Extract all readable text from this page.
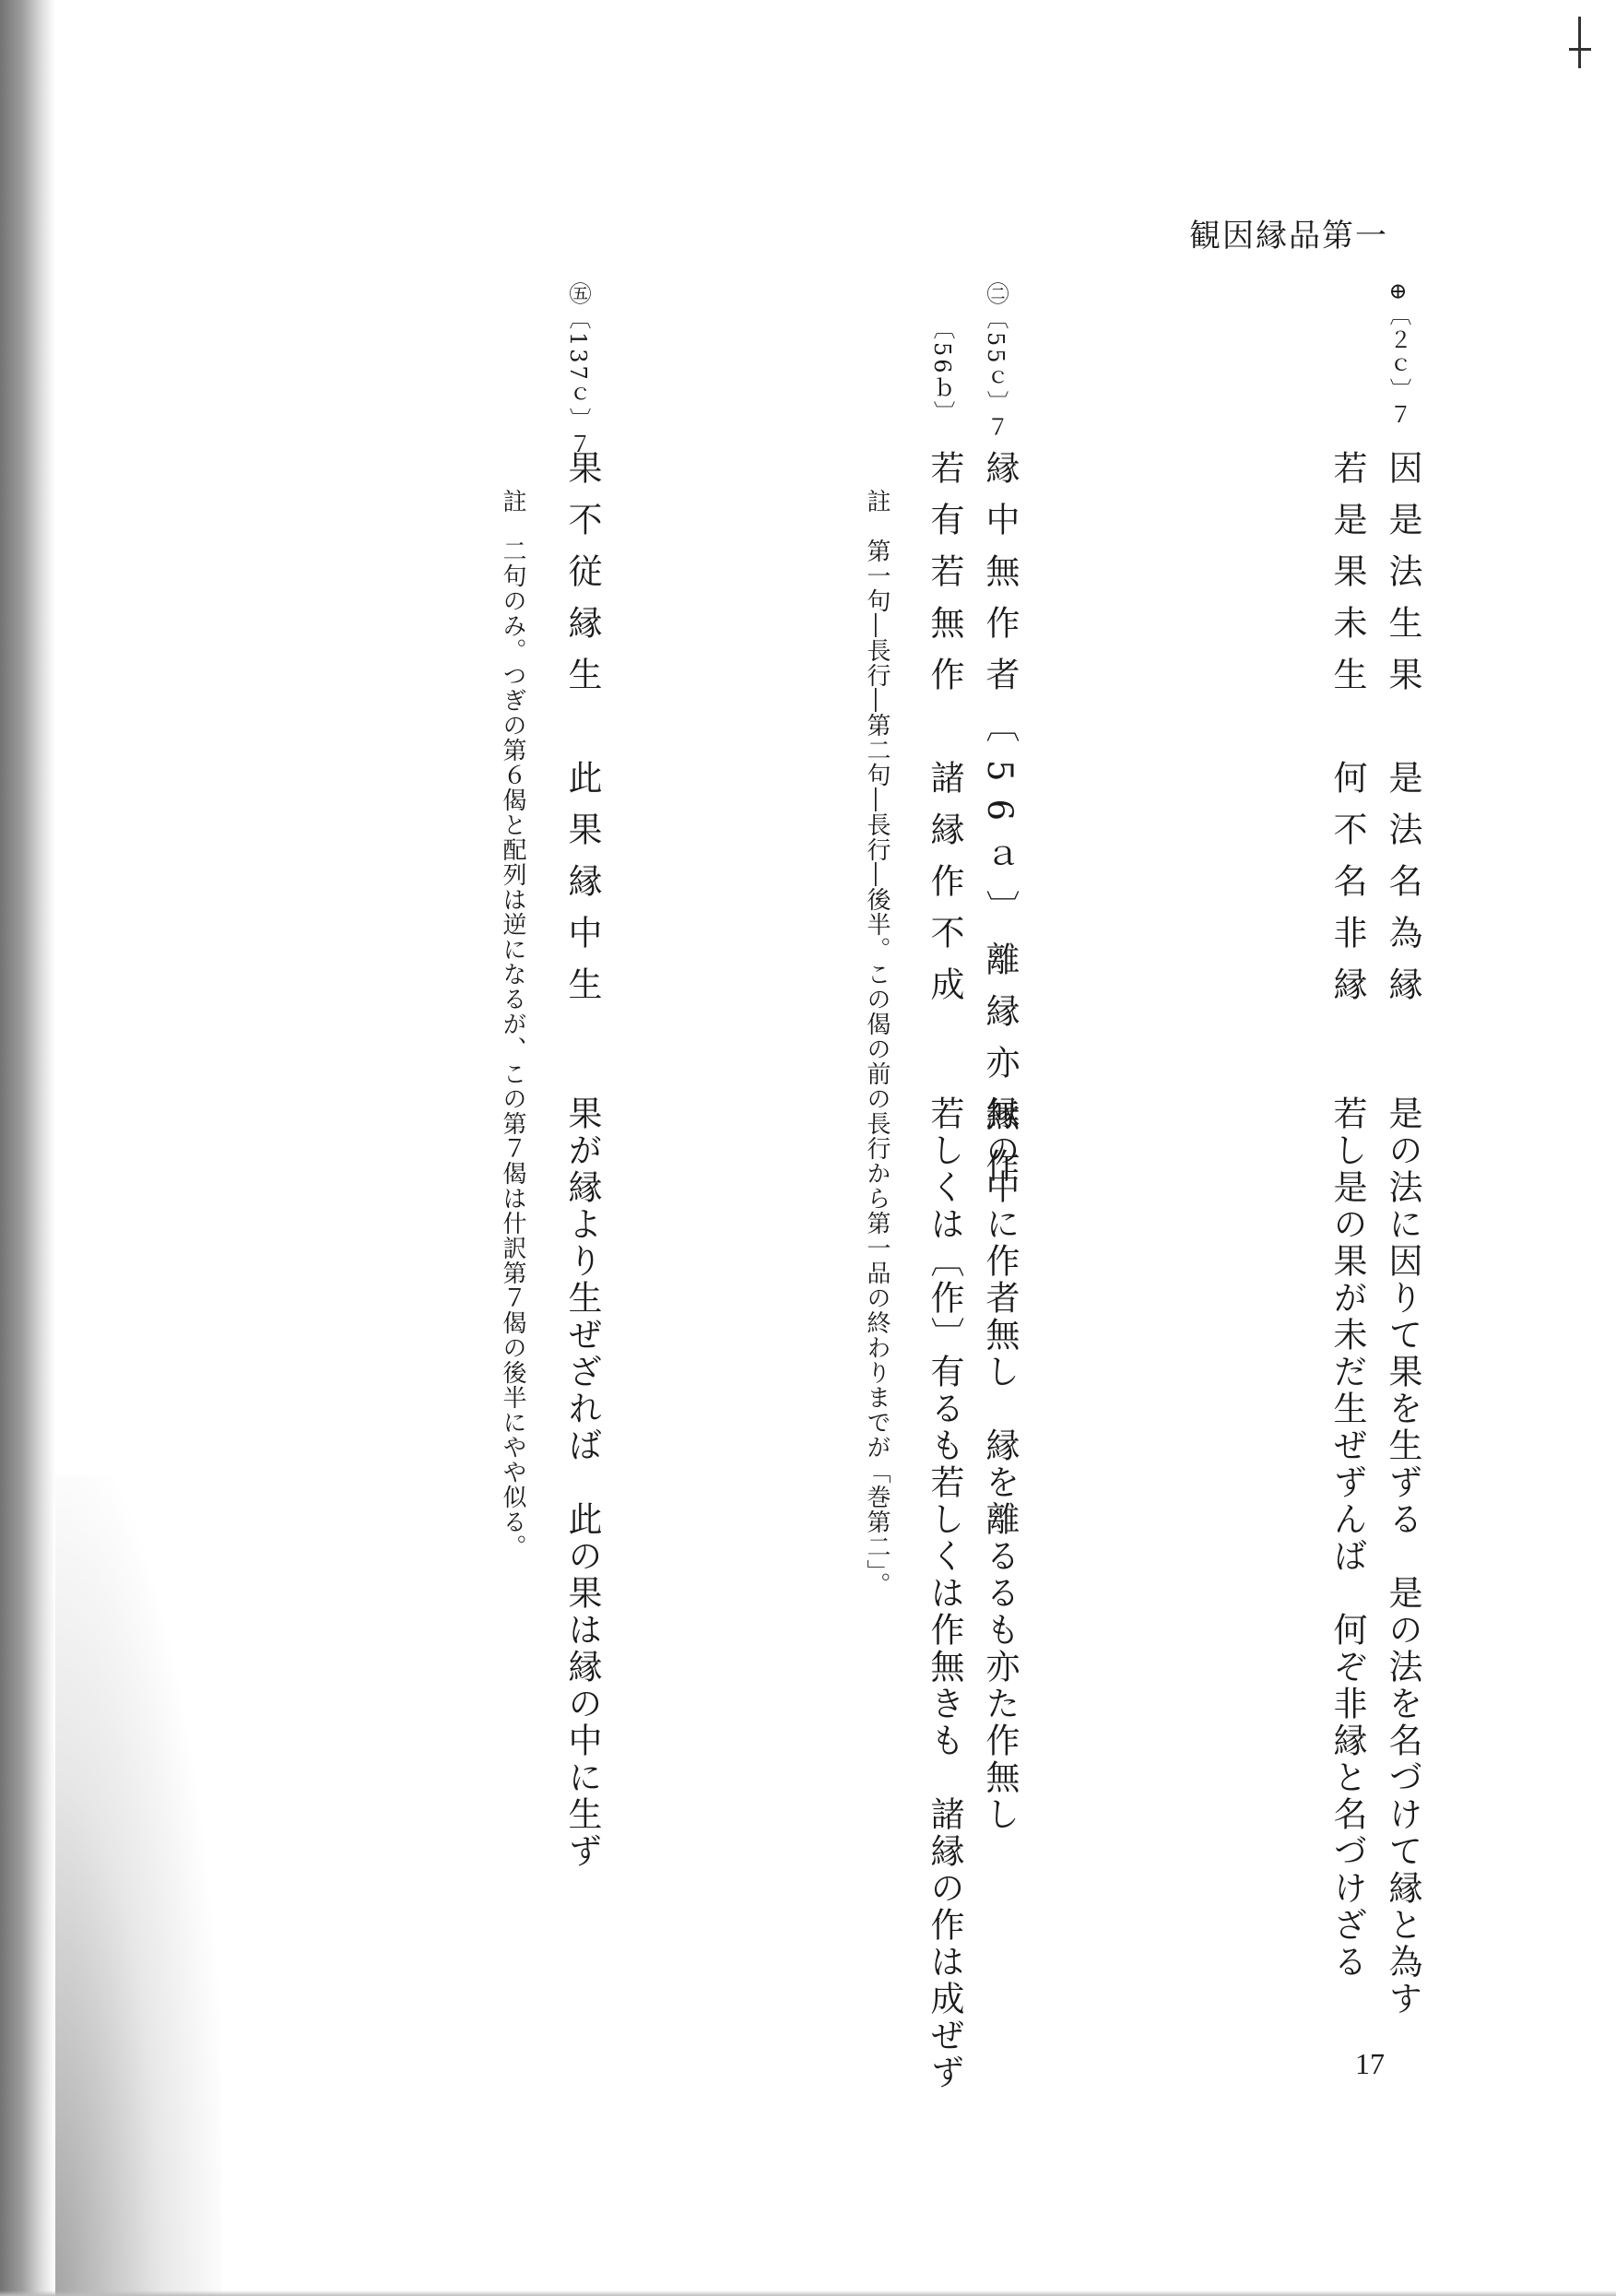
観因縁品第一
⊕〔２ｃ〕７
因是法生果　是法名為縁
若是果未生　何不名非縁
是の法に因りて果を生ずる　是の法を名づけて縁と為す
若し是の果が未だ生ぜずんば　何ぞ非縁と名づけざる
㊁〔55ｃ〕７
〔56ｂ〕
縁中無作者〔56ａ〕離縁亦無作
若有若無作　諸縁作不成
縁の中に作者無し　縁を離るるも亦た作無し
若しくは〔作〕有るも若しくは作無きも　諸縁の作は成ぜず
註　第一句―長行―第二句―長行―後半。この偈の前の長行から第一品の終わりまでが「巻第二」。
㊄〔137ｃ〕７
果不従縁生　此果縁中生
果が縁より生ぜざれば　此の果は縁の中に生ず
註　二句のみ。つぎの第６偈と配列は逆になるが、この第７偈は什訳第７偈の後半にやや似る。
17
